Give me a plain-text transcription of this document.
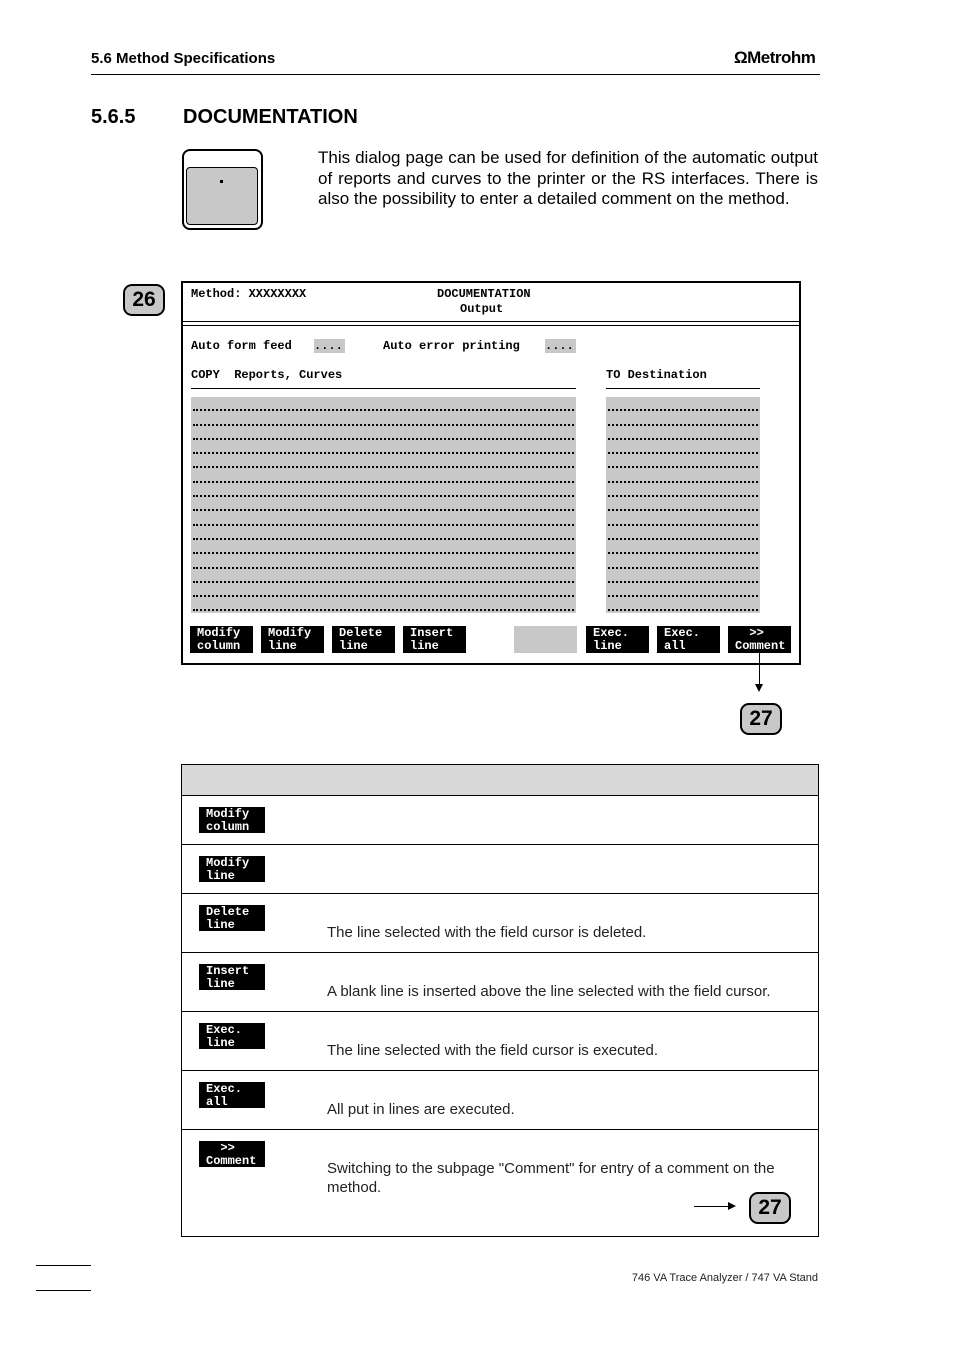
5.6 Method Specifications	ΩMetrohm
5.6.5 DOCUMENTATION
This dialog page can be used for definition of the automatic output of reports and curves to the printer or the RS interfaces. There is also the possibility to enter a detailed comment on the method.
26	Method: XXXXXXXX	DOCUMENTATION
Output
Auto form feed ....	Auto error printing ....
COPY  Reports, Curves	TO Destination
Modify
column
Modify
line
Delete
line
Insert
line
Exec.
line
Exec.
all
>>
Comment
27
Modify
column
Modify
line
Delete
line	The line selected with the field cursor is deleted.
Insert
line	A blank line is inserted above the line selected with the field cursor.
Exec.
line	The line selected with the field cursor is executed.
Exec.
all	All put in lines are executed.
>>
Comment	Switching to the subpage "Comment" for entry of a comment on the method.
27
746 VA Trace Analyzer / 747 VA Stand
